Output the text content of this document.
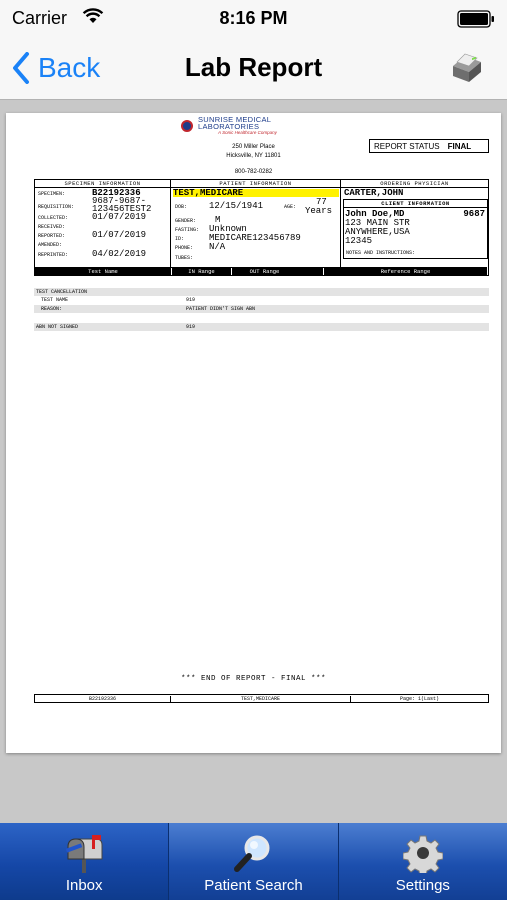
Carrier	8:16 PM
Back	Lab Report
SUNRISE MEDICAL LABORATORIES
A Sonic Healthcare Company
250 Miller Place
Hicksville, NY 11801
800-782-0282
REPORT STATUS FINAL
SPECIMEN INFORMATION
SPECIMEN:	B22192336
REQUISITION:
9687-9687-
123456TEST2
COLLECTED:	01/07/2019
RECEIVED:
REPORTED:	01/07/2019
AMENDED:
REPRINTED:	04/02/2019
PATIENT INFORMATION
TEST,MEDICARE
DOB: 12/15/1941	AGE: 77
Years
GENDER: M
FASTING: Unknown
ID:	MEDICARE123456789
PHONE: N/A
TUBES:
ORDERING PHYSICIAN
CARTER,JOHN
CLIENT INFORMATION
John Doe,MD	9687
123 MAIN STR
ANYWHERE,USA
12345
NOTES AND INSTRUCTIONS:
Test Name	IN Range	OUT Range	Reference Range
TEST CANCELLATION
TEST NAME	919
REASON:	PATIENT DIDN'T SIGN ABN
ABN NOT SIGNED	919
*** END OF REPORT - FINAL ***
B22192336	TEST,MEDICARE	Page: 1(Last)
Inbox	Patient Search	Settings
